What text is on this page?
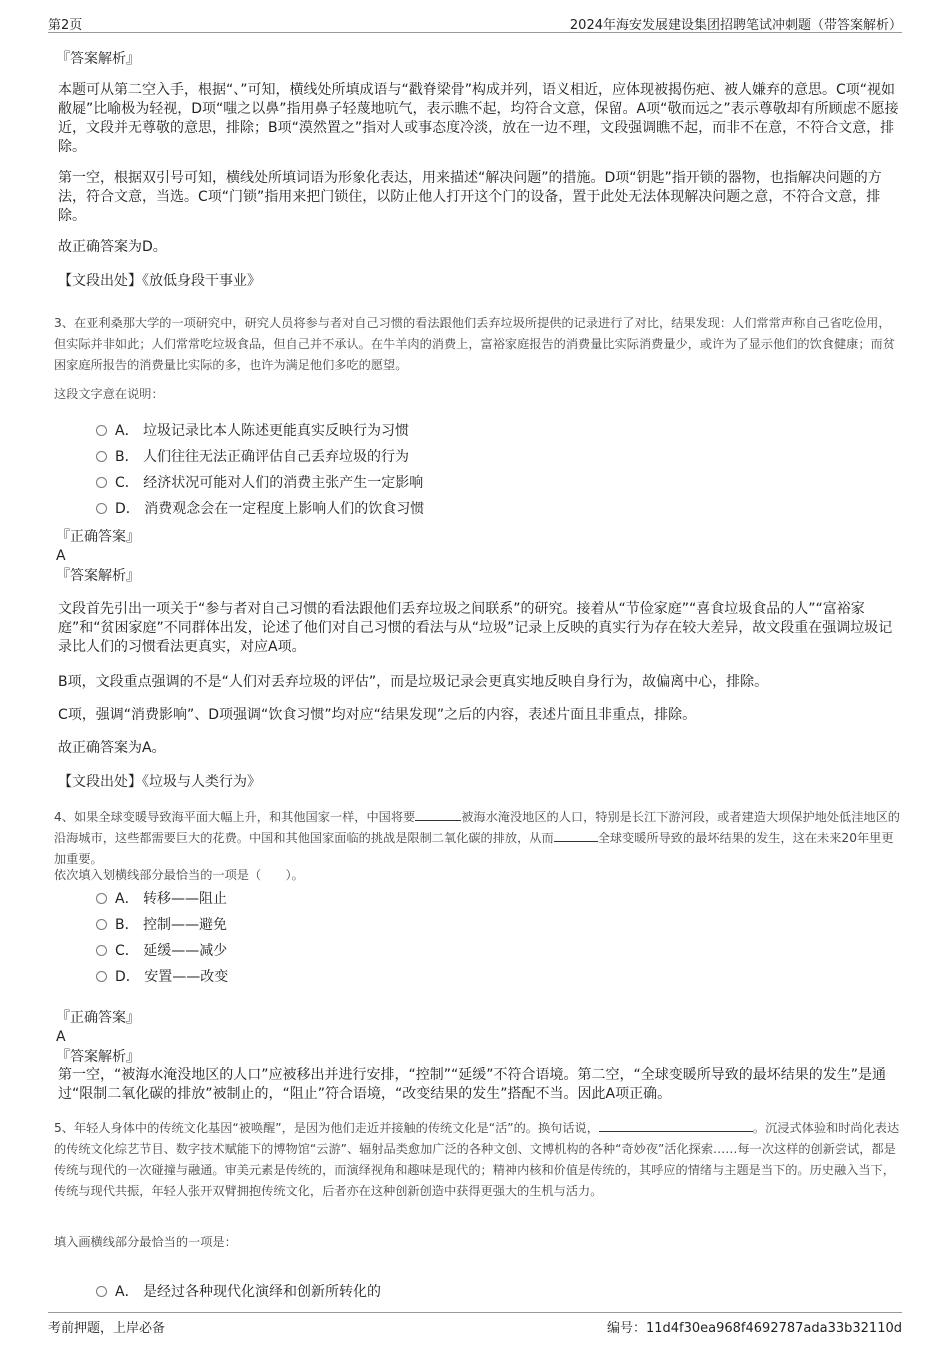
第2页	2024年海安发展建设集团招聘笔试冲刺题（带答案解析）
『答案解析』
本题可从第二空入手，根据“、”可知，横线处所填成语与“戳脊梁骨”构成并列，语义相近，应体现被揭伤疤、被人嫌弃的意思。C项“视如敝屣”比喻极为轻视，D项“嗤之以鼻”指用鼻子轻蔑地吭气，表示瞧不起，均符合文意，保留。A项“敬而远之”表示尊敬却有所顾虑不愿接近，文段并无尊敬的意思，排除；B项“漠然置之”指对人或事态度冷淡，放在一边不理，文段强调瞧不起，而非不在意，不符合文意，排除。
第一空，根据双引号可知，横线处所填词语为形象化表达，用来描述“解决问题”的措施。D项“钥匙”指开锁的器物，也指解决问题的方法，符合文意，当选。C项“门锁”指用来把门锁住，以防止他人打开这个门的设备，置于此处无法体现解决问题之意，不符合文意，排除。
故正确答案为D。
【文段出处】《放低身段干事业》
3、在亚利桑那大学的一项研究中，研究人员将参与者对自己习惯的看法跟他们丢弃垃圾所提供的记录进行了对比，结果发现：人们常常声称自己省吃俭用，但实际并非如此；人们常常吃垃圾食品，但自己并不承认。在牛羊肉的消费上，富裕家庭报告的消费量比实际消费量少，或许为了显示他们的饮食健康；而贫困家庭所报告的消费量比实际的多，也许为满足他们多吃的愿望。
这段文字意在说明：
A． 垃圾记录比本人陈述更能真实反映行为习惯
B． 人们往往无法正确评估自己丢弃垃圾的行为
C． 经济状况可能对人们的消费主张产生一定影响
D． 消费观念会在一定程度上影响人们的饮食习惯
『正确答案』
A
『答案解析』
文段首先引出一项关于“参与者对自己习惯的看法跟他们丢弃垃圾之间联系”的研究。接着从“节俭家庭”“喜食垃圾食品的人”“富裕家庭”和“贫困家庭”不同群体出发，论述了他们对自己习惯的看法与从“垃圾”记录上反映的真实行为存在较大差异，故文段重在强调垃圾记录比人们的习惯看法更真实，对应A项。
B项，文段重点强调的不是“人们对丢弃垃圾的评估”，而是垃圾记录会更真实地反映自身行为，故偏离中心，排除。
C项，强调“消费影响”、D项强调“饮食习惯”均对应“结果发现”之后的内容，表述片面且非重点，排除。
故正确答案为A。
【文段出处】《垃圾与人类行为》
4、如果全球变暖导致海平面大幅上升，和其他国家一样，中国将要	被海水淹没地区的人口，特别是长江下游河段，或者建造大坝保护地处低洼地区的沿海城市，这些都需要巨大的花费。中国和其他国家面临的挑战是限制二氧化碳的排放，从而	全球变暖所导致的最坏结果的发生，这在未来20年里更加重要。
依次填入划横线部分最恰当的一项是（　　）。
A． 转移——阻止
B． 控制——避免
C． 延缓——减少
D． 安置——改变
『正确答案』
A
『答案解析』
第一空，“被海水淹没地区的人口”应被移出并进行安排，“控制”“延缓”不符合语境。第二空，“全球变暖所导致的最坏结果的发生”是通过“限制二氧化碳的排放”被制止的，“阻止”符合语境，“改变结果的发生”搭配不当。因此A项正确。
5、年轻人身体中的传统文化基因“被唤醒”，是因为他们走近并接触的传统文化是“活”的。换句话说，	。沉浸式体验和时尚化表达的传统文化综艺节目、数字技术赋能下的博物馆“云游”、辐射品类愈加广泛的各种文创、文博机构的各种“奇妙夜”活化探索……每一次这样的创新尝试，都是传统与现代的一次碰撞与融通。审美元素是传统的，而演绎视角和趣味是现代的；精神内核和价值是传统的，其呼应的情绪与主题是当下的。历史融入当下，传统与现代共振，年轻人张开双臂拥抱传统文化，后者亦在这种创新创造中获得更强大的生机与活力。
填入画横线部分最恰当的一项是：
A． 是经过各种现代化演绎和创新所转化的
考前押题，上岸必备	编号：11d4f30ea968f4692787ada33b32110d
